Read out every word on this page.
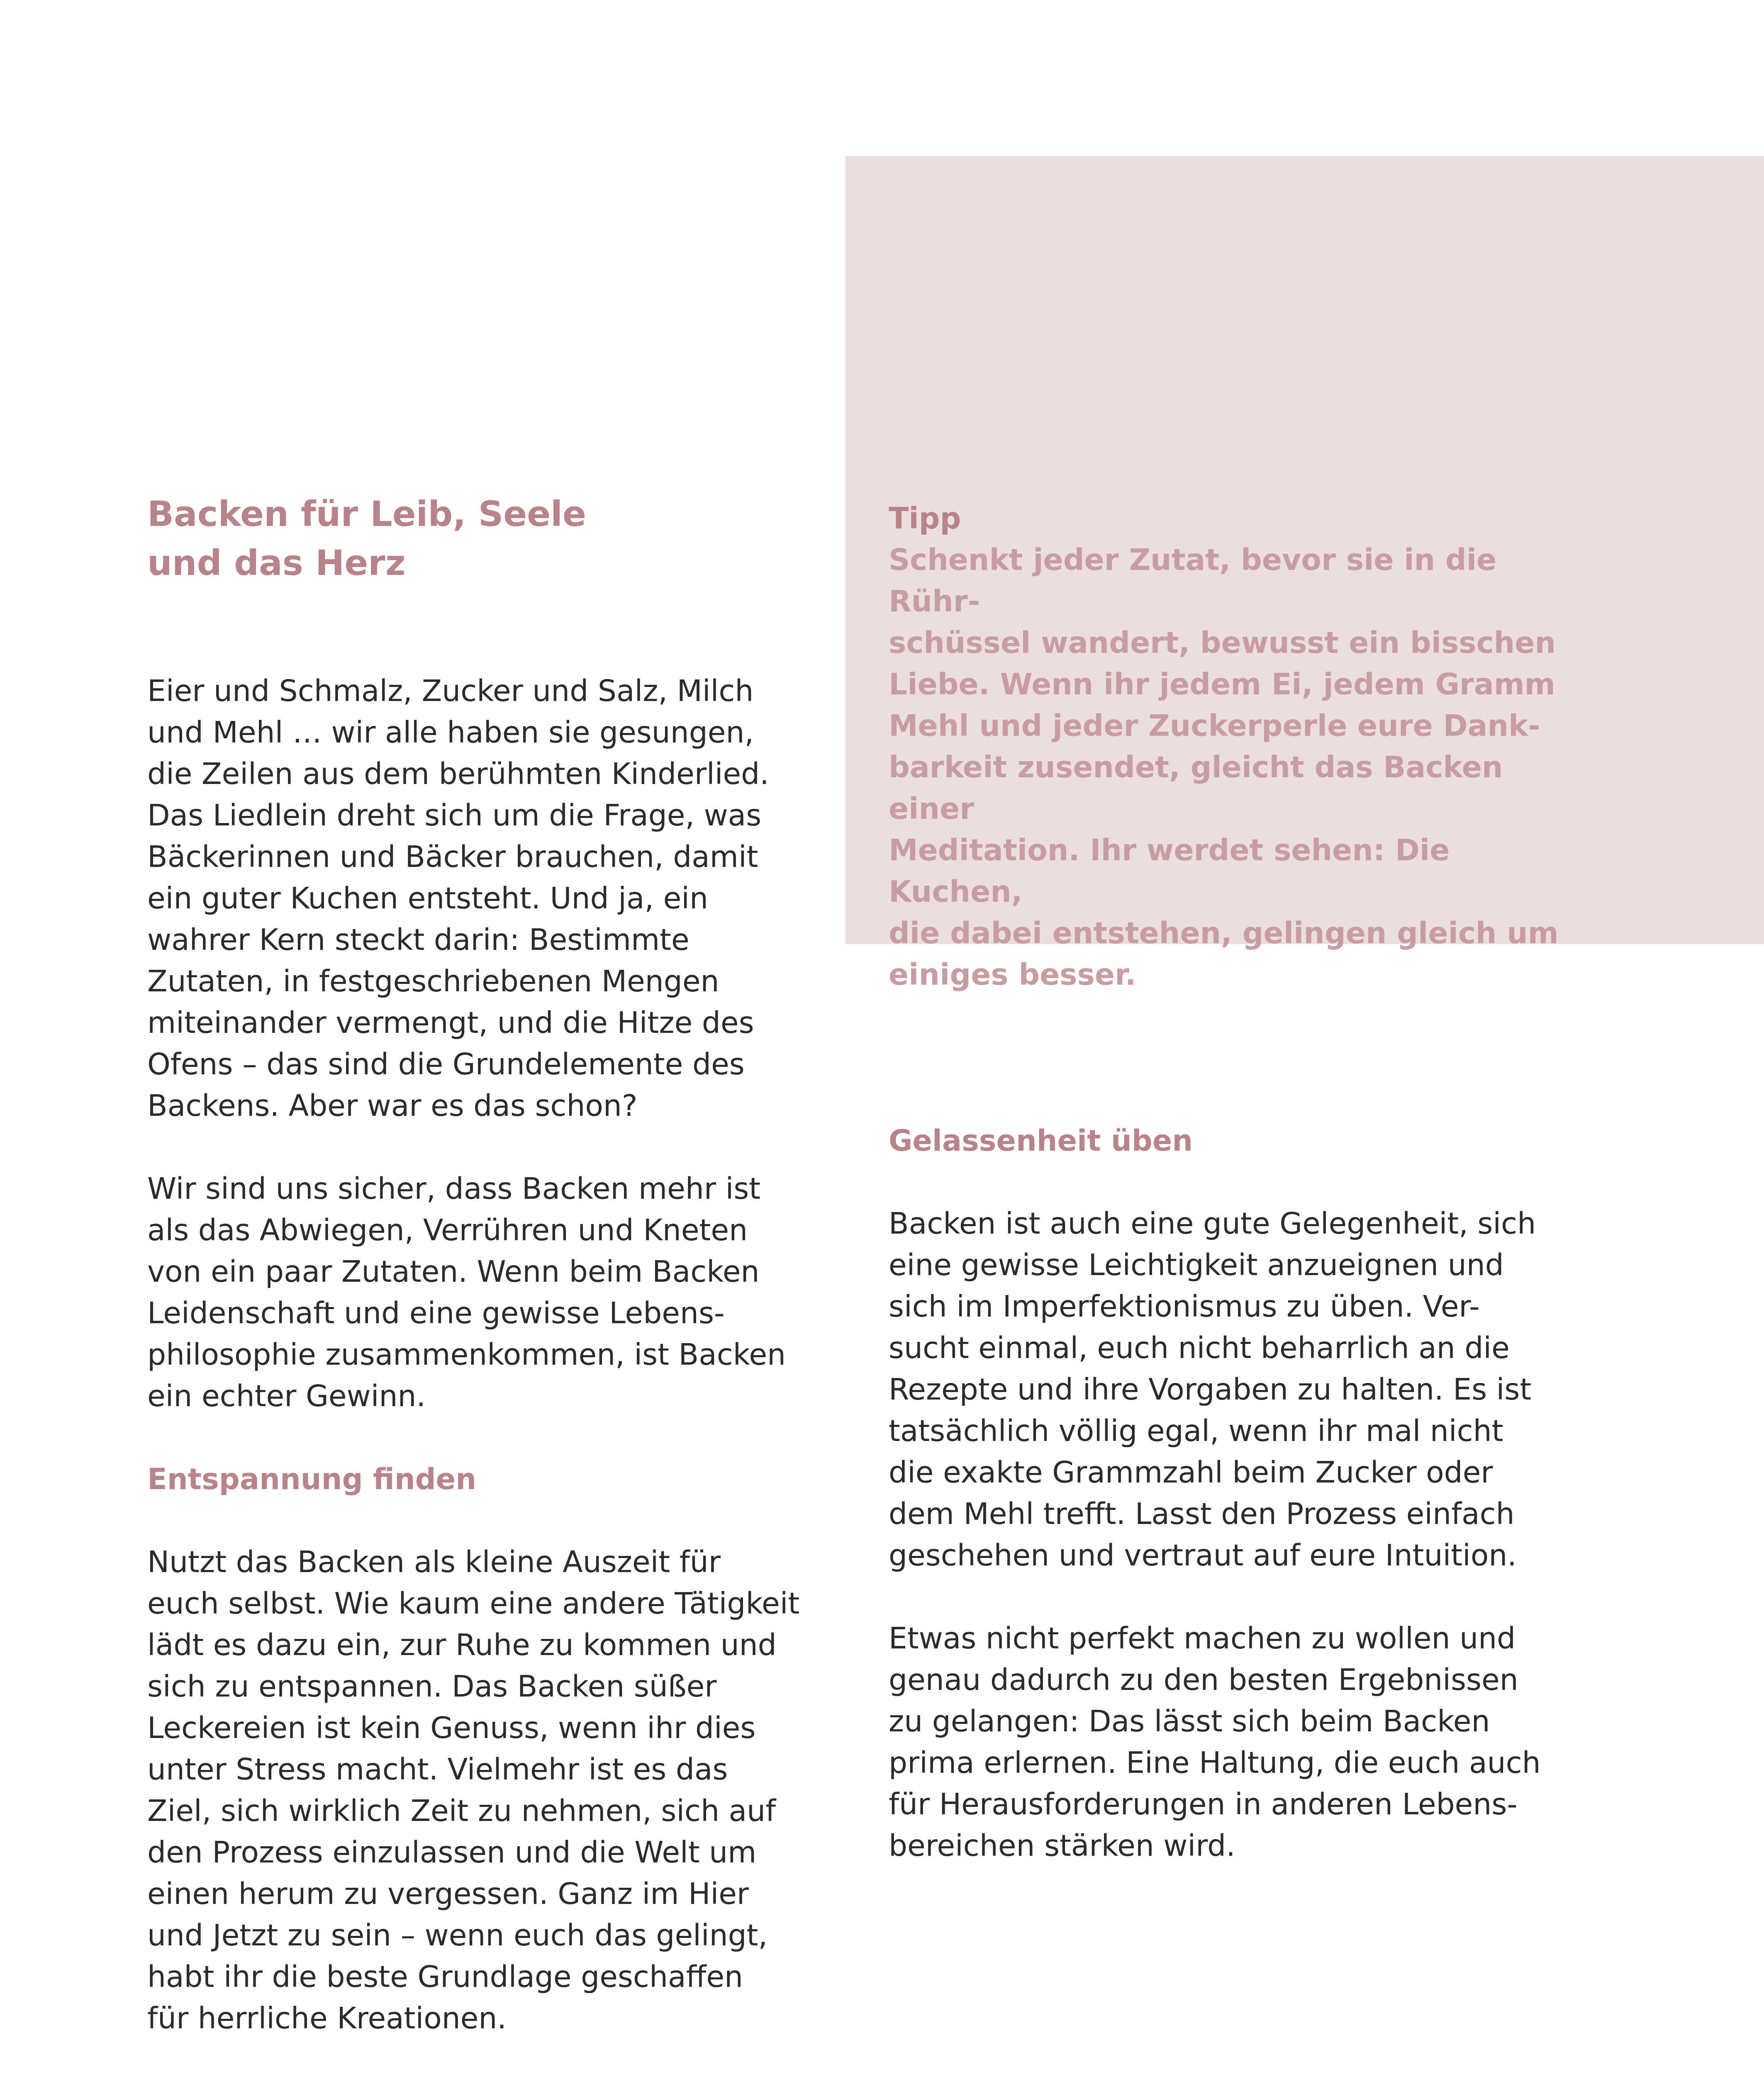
Backen für Leib, Seele
und das Herz

Eier und Schmalz, Zucker und Salz, Milch
und Mehl … wir alle haben sie gesungen,
die Zeilen aus dem berühmten Kinderlied.
Das Liedlein dreht sich um die Frage, was
Bäckerinnen und Bäcker brauchen, damit
ein guter Kuchen entsteht. Und ja, ein
wahrer Kern steckt darin: Bestimmte
Zutaten, in festgeschriebenen Mengen
miteinander vermengt, und die Hitze des
Ofens – das sind die Grundelemente des
Backens. Aber war es das schon?

Wir sind uns sicher, dass Backen mehr ist
als das Abwiegen, Verrühren und Kneten
von ein paar Zutaten. Wenn beim Backen
Leidenschaft und eine gewisse Lebens-
philosophie zusammenkommen, ist Backen
ein echter Gewinn.

Entspannung finden

Nutzt das Backen als kleine Auszeit für
euch selbst. Wie kaum eine andere Tätigkeit
lädt es dazu ein, zur Ruhe zu kommen und
sich zu entspannen. Das Backen süßer
Leckereien ist kein Genuss, wenn ihr dies
unter Stress macht. Vielmehr ist es das
Ziel, sich wirklich Zeit zu nehmen, sich auf
den Prozess einzulassen und die Welt um
einen herum zu vergessen. Ganz im Hier
und Jetzt zu sein – wenn euch das gelingt,
habt ihr die beste Grundlage geschaffen
für herrliche Kreationen.

Tipp

Schenkt jeder Zutat, bevor sie in die Rühr-
schüssel wandert, bewusst ein bisschen
Liebe. Wenn ihr jedem Ei, jedem Gramm
Mehl und jeder Zuckerperle eure Dank-
barkeit zusendet, gleicht das Backen einer
Meditation. Ihr werdet sehen: Die Kuchen,
die dabei entstehen, gelingen gleich um
einiges besser.

Gelassenheit üben

Backen ist auch eine gute Gelegenheit, sich
eine gewisse Leichtigkeit anzueignen und
sich im Imperfektionismus zu üben. Ver-
sucht einmal, euch nicht beharrlich an die
Rezepte und ihre Vorgaben zu halten. Es ist
tatsächlich völlig egal, wenn ihr mal nicht
die exakte Grammzahl beim Zucker oder
dem Mehl trefft. Lasst den Prozess einfach
geschehen und vertraut auf eure Intuition.

Etwas nicht perfekt machen zu wollen und
genau dadurch zu den besten Ergebnissen
zu gelangen: Das lässt sich beim Backen
prima erlernen. Eine Haltung, die euch auch
für Herausforderungen in anderen Lebens-
bereichen stärken wird.
